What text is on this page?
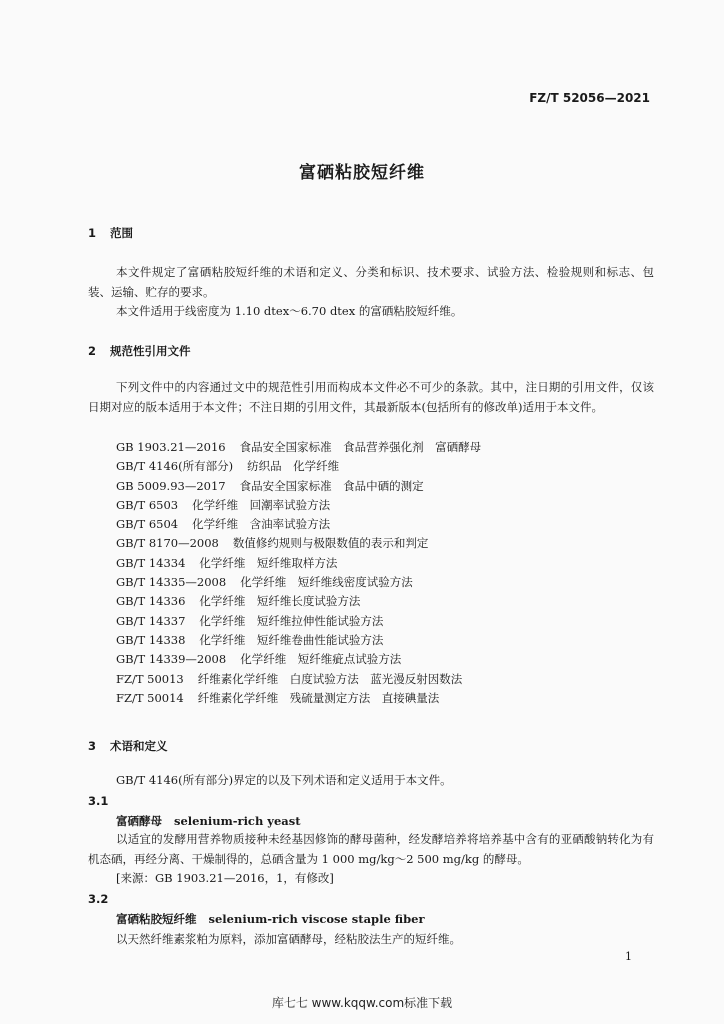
FZ/T 52056—2021
富硒粘胶短纤维
1 范围
本文件规定了富硒粘胶短纤维的术语和定义、分类和标识、技术要求、试验方法、检验规则和标志、包装、运输、贮存的要求。
本文件适用于线密度为 1.10 dtex～6.70 dtex 的富硒粘胶短纤维。
2 规范性引用文件
下列文件中的内容通过文中的规范性引用而构成本文件必不可少的条款。其中，注日期的引用文件，仅该日期对应的版本适用于本文件；不注日期的引用文件，其最新版本(包括所有的修改单)适用于本文件。
GB 1903.21—2016 食品安全国家标准　食品营养强化剂　富硒酵母
GB/T 4146(所有部分) 纺织品　化学纤维
GB 5009.93—2017 食品安全国家标准　食品中硒的测定
GB/T 6503 化学纤维　回潮率试验方法
GB/T 6504 化学纤维　含油率试验方法
GB/T 8170—2008 数值修约规则与极限数值的表示和判定
GB/T 14334 化学纤维　短纤维取样方法
GB/T 14335—2008 化学纤维　短纤维线密度试验方法
GB/T 14336 化学纤维　短纤维长度试验方法
GB/T 14337 化学纤维　短纤维拉伸性能试验方法
GB/T 14338 化学纤维　短纤维卷曲性能试验方法
GB/T 14339—2008 化学纤维　短纤维疵点试验方法
FZ/T 50013 纤维素化学纤维　白度试验方法　蓝光漫反射因数法
FZ/T 50014 纤维素化学纤维　残硫量测定方法　直接碘量法
3 术语和定义
GB/T 4146(所有部分)界定的以及下列术语和定义适用于本文件。
3.1
富硒酵母 selenium-rich yeast
以适宜的发酵用营养物质接种未经基因修饰的酵母菌种，经发酵培养将培养基中含有的亚硒酸钠转化为有机态硒，再经分离、干燥制得的，总硒含量为 1 000 mg/kg～2 500 mg/kg 的酵母。
[来源：GB 1903.21—2016，1，有修改]
3.2
富硒粘胶短纤维 selenium-rich viscose staple fiber
以天然纤维素浆粕为原料，添加富硒酵母，经粘胶法生产的短纤维。
1
库七七 www.kqqw.com标准下载
